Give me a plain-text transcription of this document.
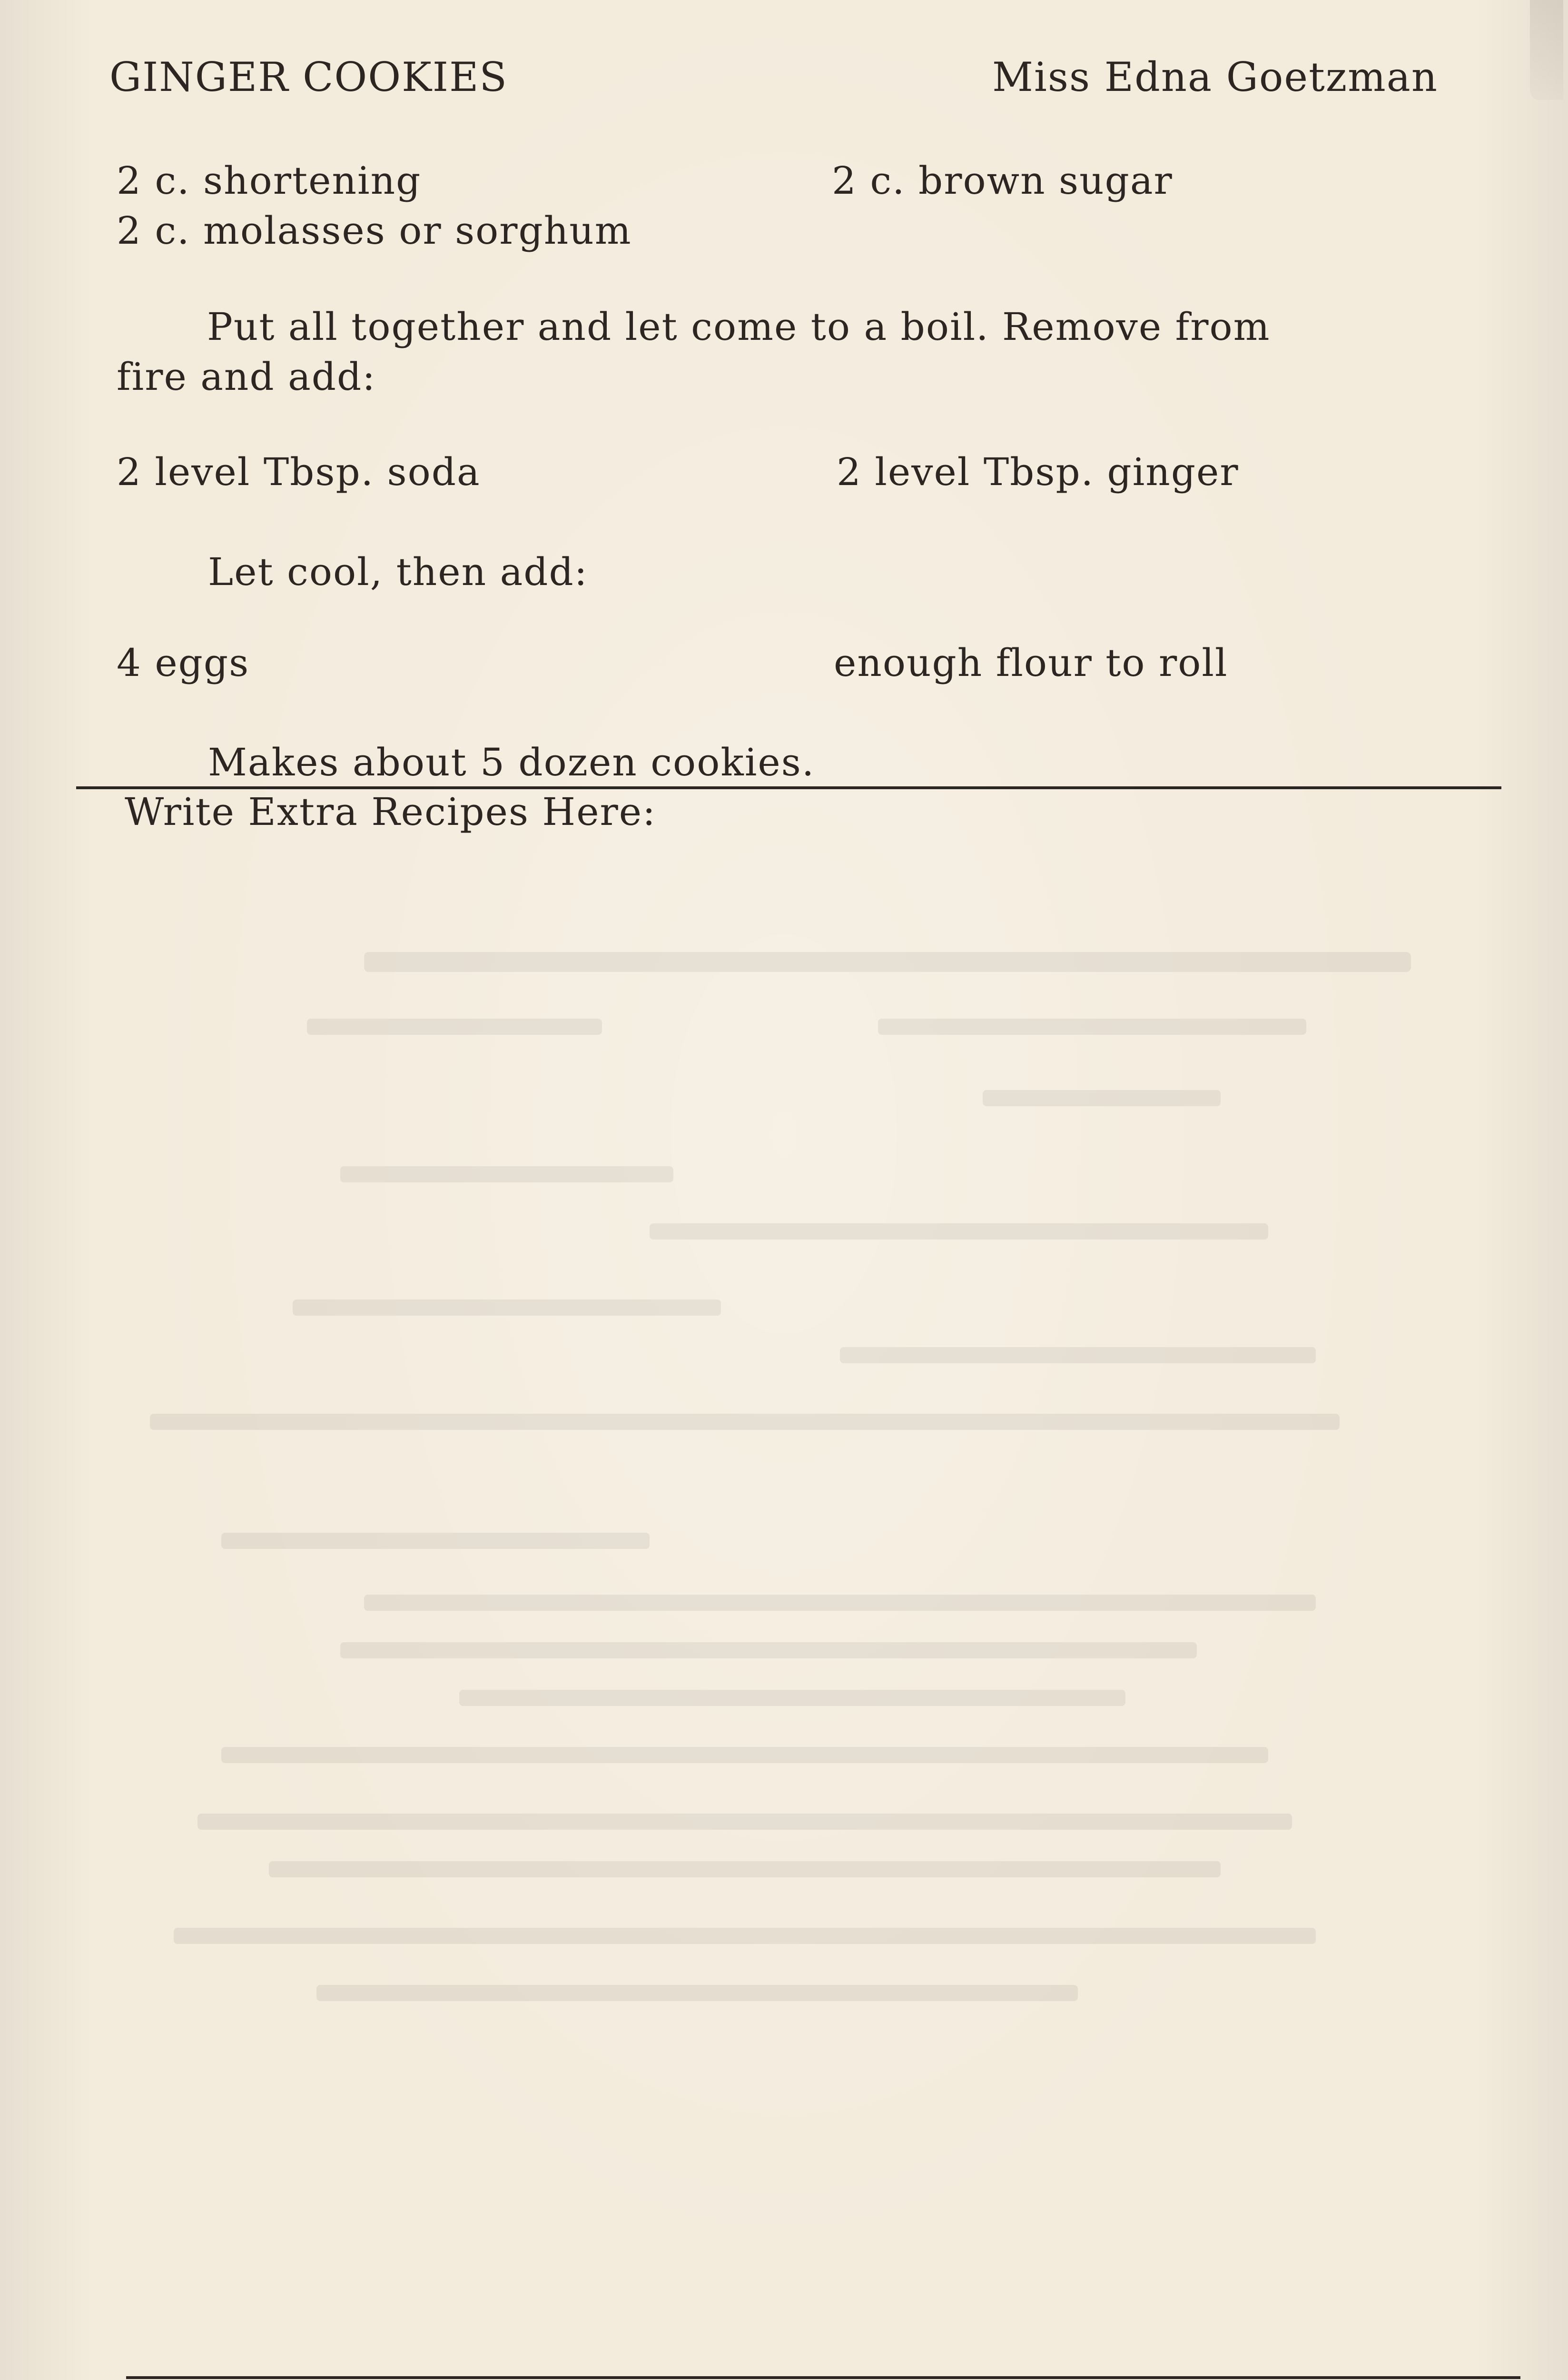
GINGER COOKIES	Miss Edna Goetzman
2 c. shortening	2 c. brown sugar
2 c. molasses or sorghum
Put all together and let come to a boil. Remove from
fire and add:
2 level Tbsp. soda	2 level Tbsp. ginger
Let cool, then add:
4 eggs	enough flour to roll
Makes about 5 dozen cookies.
Write Extra Recipes Here:
